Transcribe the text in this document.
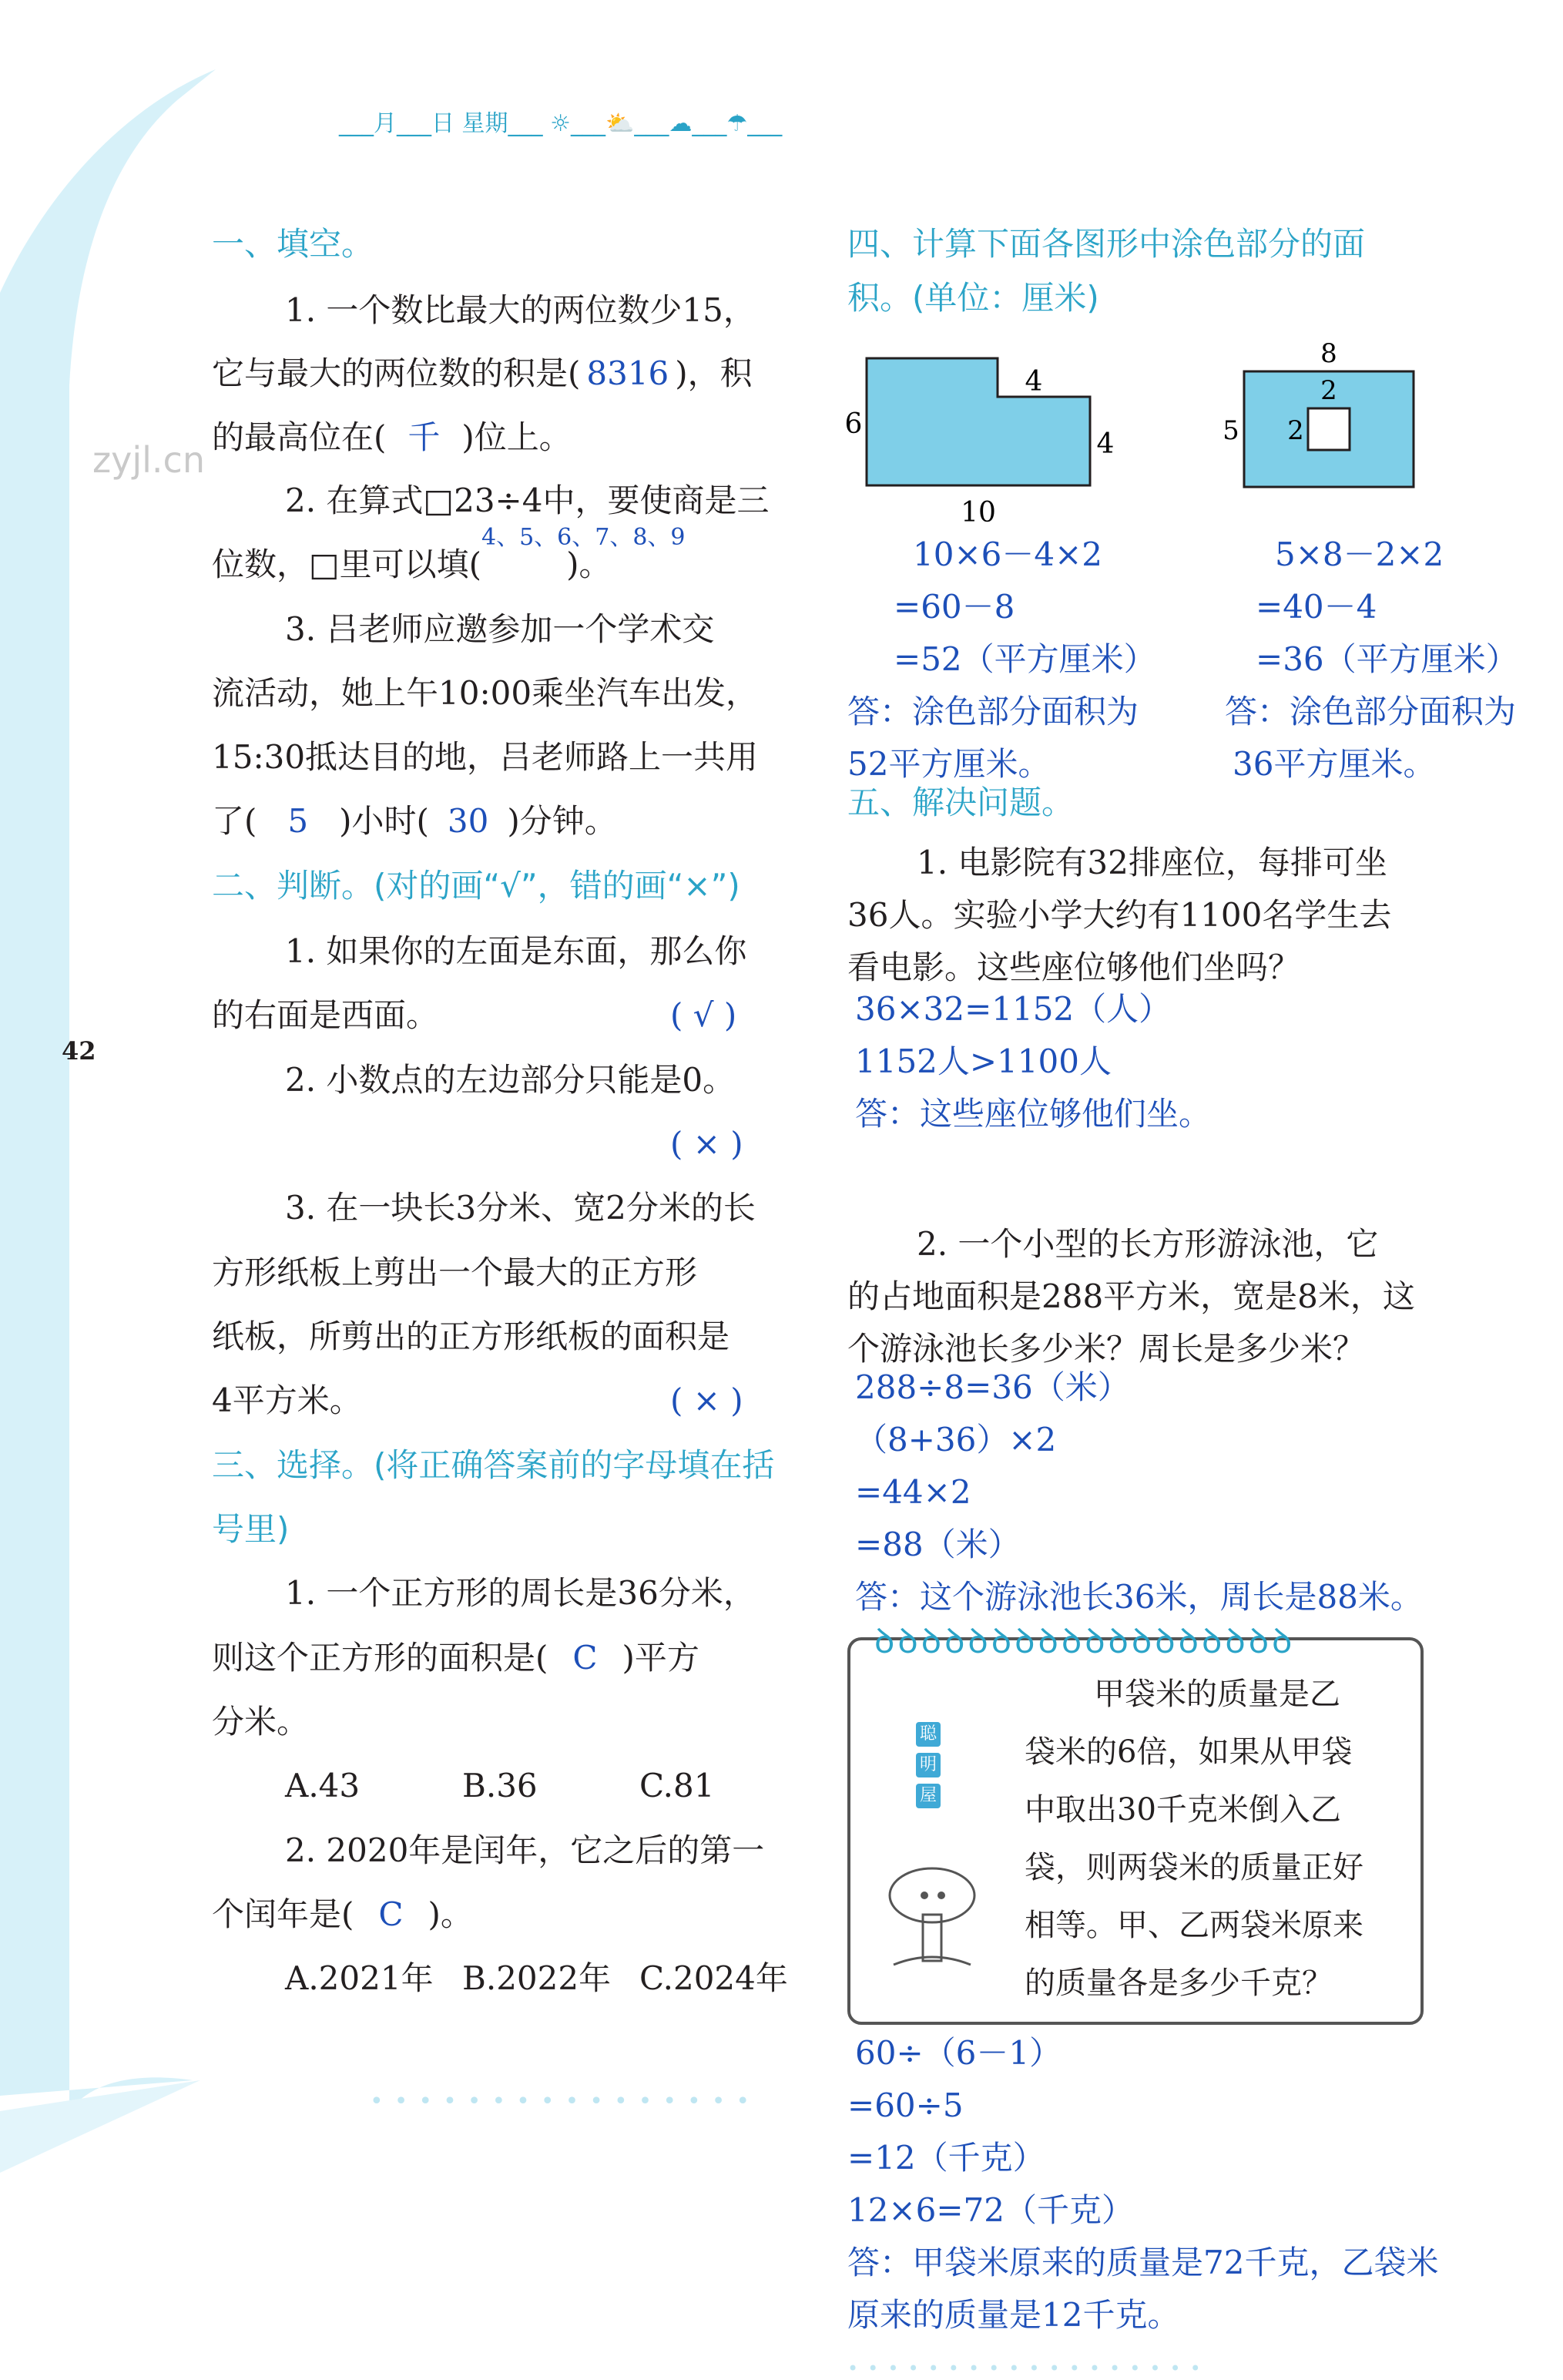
___月___日 星期___ ☼___⛅___☁___☂___
42
zyjl.cn
一、填空。
1. 一个数比最大的两位数少15，
它与最大的两位数的积是( 8316 )，积
的最高位在( 千 )位上。
2. 在算式□23÷4中，要使商是三
4、5、6、7、8、9
位数，□里可以填(	)。
3. 吕老师应邀参加一个学术交
流活动，她上午10:00乘坐汽车出发，
15:30抵达目的地，吕老师路上一共用
了( 5 )小时( 30 )分钟。
二、判断。(对的画“√”，错的画“×”)
1. 如果你的左面是东面，那么你
的右面是西面。	( √ )
2. 小数点的左边部分只能是0。
( × )
3. 在一块长3分米、宽2分米的长
方形纸板上剪出一个最大的正方形
纸板，所剪出的正方形纸板的面积是
4平方米。	( × )
三、选择。(将正确答案前的字母填在括
号里)
1. 一个正方形的周长是36分米，
则这个正方形的面积是( C )平方
分米。
A.43	B.36	C.81
2. 2020年是闰年，它之后的第一
个闰年是( C )。
A.2021年 B.2022年 C.2024年
四、计算下面各图形中涂色部分的面
积。(单位：厘米)
4
6
4
10
8
2
5 2
10×6－4×2
=60－8
=52（平方厘米）
答：涂色部分面积为
52平方厘米。
5×8－2×2
=40－4
=36（平方厘米）
答：涂色部分面积为
36平方厘米。
五、解决问题。
1. 电影院有32排座位，每排可坐
36人。实验小学大约有1100名学生去
看电影。这些座位够他们坐吗？
36×32=1152（人）
1152人>1100人
答：这些座位够他们坐。
2. 一个小型的长方形游泳池，它
的占地面积是288平方米，宽是8米，这
个游泳池长多少米？周长是多少米？
288÷8=36（米）
（8+36）×2
=44×2
=88（米）
答：这个游泳池长36米，周长是88米。
ꝺꝺꝺꝺꝺꝺꝺꝺꝺꝺꝺꝺꝺꝺꝺꝺꝺꝺ
聪
明
屋
甲袋米的质量是乙
袋米的6倍，如果从甲袋
中取出30千克米倒入乙
袋，则两袋米的质量正好
相等。甲、乙两袋米原来
的质量各是多少千克？
60÷（6－1）
=60÷5
=12（千克）
12×6=72（千克）
答：甲袋米原来的质量是72千克，乙袋米
原来的质量是12千克。
••••••••••••••••
••••••••••••••••••
